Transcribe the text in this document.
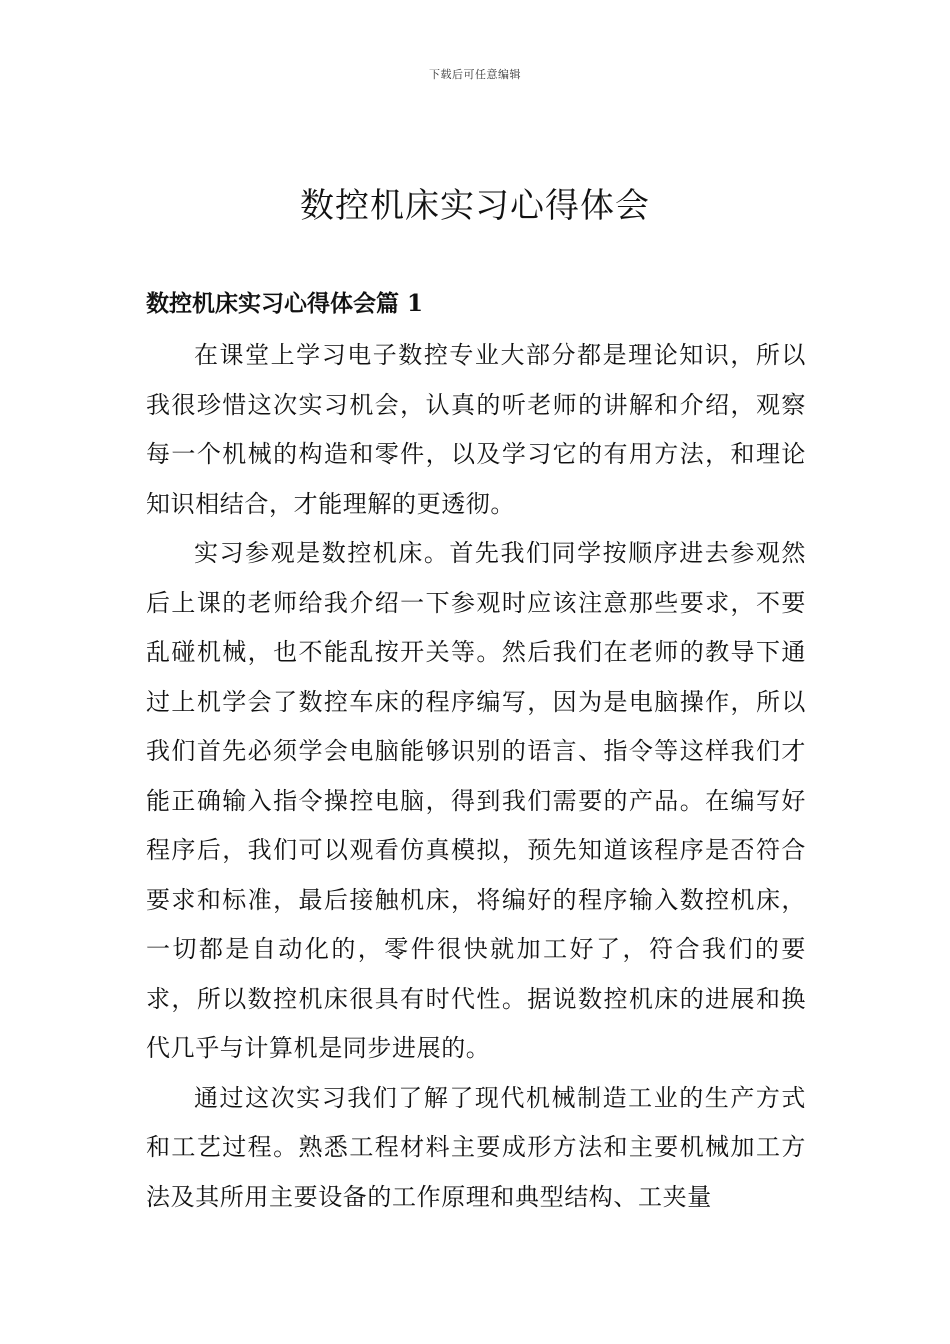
下载后可任意编辑
数控机床实习心得体会
数控机床实习心得体会篇 1

在课堂上学习电子数控专业大部分都是理论知识，所以我很珍惜这次实习机会，认真的听老师的讲解和介绍，观察每一个机械的构造和零件，以及学习它的有用方法，和理论知识相结合，才能理解的更透彻。

实习参观是数控机床。首先我们同学按顺序进去参观然后上课的老师给我介绍一下参观时应该注意那些要求，不要乱碰机械，也不能乱按开关等。然后我们在老师的教导下通过上机学会了数控车床的程序编写，因为是电脑操作，所以我们首先必须学会电脑能够识别的语言、指令等这样我们才能正确输入指令操控电脑，得到我们需要的产品。在编写好程序后，我们可以观看仿真模拟，预先知道该程序是否符合要求和标准，最后接触机床，将编好的程序输入数控机床，一切都是自动化的，零件很快就加工好了，符合我们的要求，所以数控机床很具有时代性。据说数控机床的进展和换代几乎与计算机是同步进展的。

通过这次实习我们了解了现代机械制造工业的生产方式和工艺过程。熟悉工程材料主要成形方法和主要机械加工方法及其所用主要设备的工作原理和典型结构、工夹量
